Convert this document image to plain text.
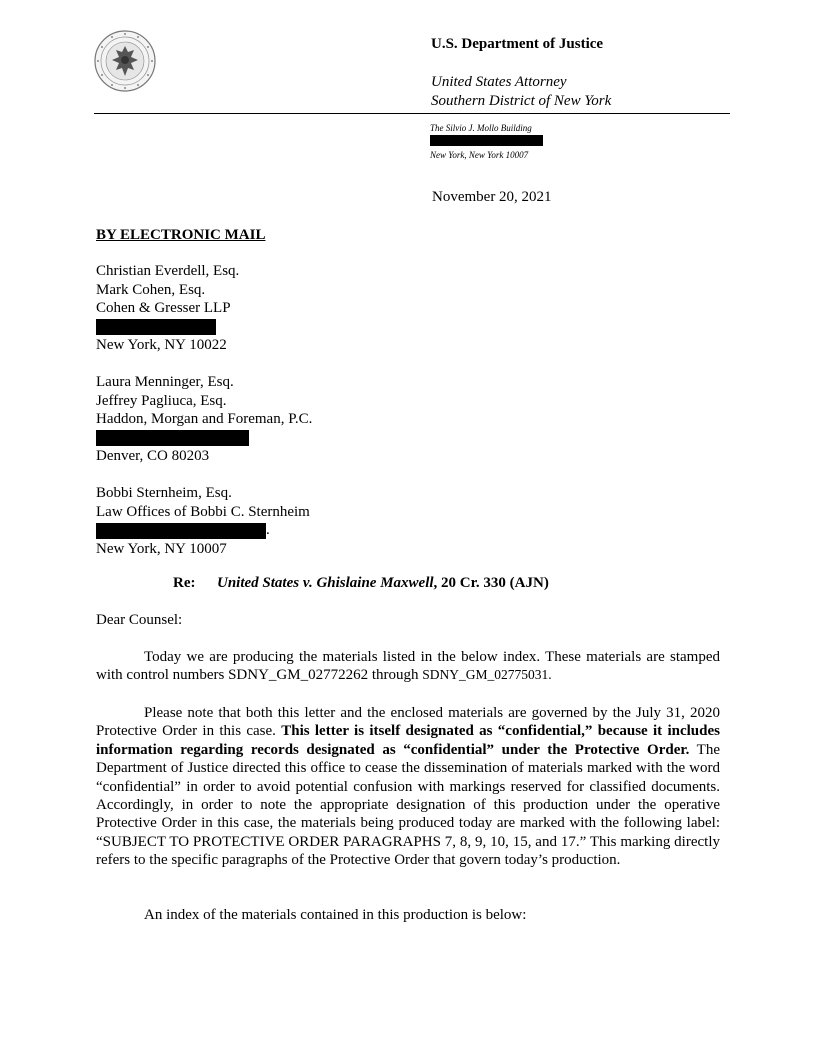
U.S. Department of Justice
United States Attorney
Southern District of New York
The Silvio J. Mollo Building
New York, New York 10007
November 20, 2021
BY ELECTRONIC MAIL
Christian Everdell, Esq.
Mark Cohen, Esq.
Cohen & Gresser LLP
New York, NY 10022
Laura Menninger, Esq.
Jeffrey Pagliuca, Esq.
Haddon, Morgan and Foreman, P.C.
Denver, CO 80203
Bobbi Sternheim, Esq.
Law Offices of Bobbi C. Sternheim
.
New York, NY 10007
Re: United States v. Ghislaine Maxwell, 20 Cr. 330 (AJN)
Dear Counsel:

Today we are producing the materials listed in the below index. These materials are stamped with control numbers SDNY_GM_02772262 through SDNY_GM_02775031.

Please note that both this letter and the enclosed materials are governed by the July 31, 2020 Protective Order in this case. This letter is itself designated as “confidential,” because it includes information regarding records designated as “confidential” under the Protective Order. The Department of Justice directed this office to cease the dissemination of materials marked with the word “confidential” in order to avoid potential confusion with markings reserved for classified documents. Accordingly, in order to note the appropriate designation of this production under the operative Protective Order in this case, the materials being produced today are marked with the following label: “SUBJECT TO PROTECTIVE ORDER PARAGRAPHS 7, 8, 9, 10, 15, and 17.” This marking directly refers to the specific paragraphs of the Protective Order that govern today’s production.

An index of the materials contained in this production is below:
